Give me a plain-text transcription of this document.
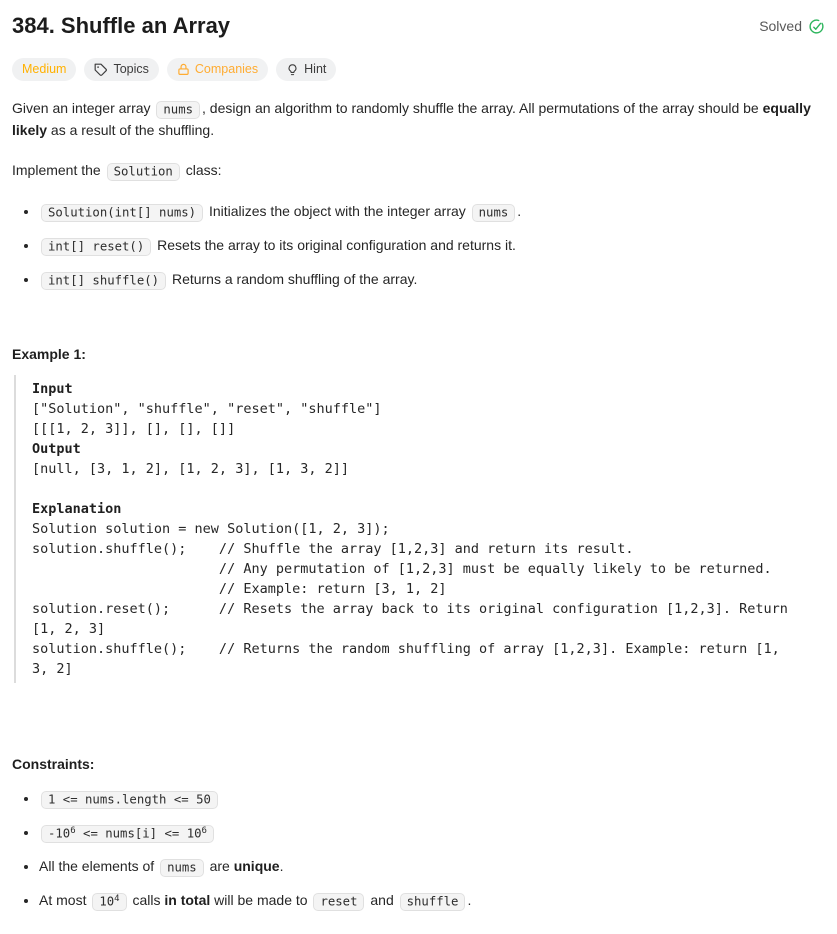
384. Shuffle an Array	Solved
Medium	Topics	Companies	Hint

Given an integer array nums , design an algorithm to randomly shuffle the array. All permutations of the array should be equally likely as a result of the shuffling.

Implement the Solution class:

• Solution(int[] nums) Initializes the object with the integer array nums .
• int[] reset() Resets the array to its original configuration and returns it.
• int[] shuffle() Returns a random shuffling of the array.

Example 1:

Input
["Solution", "shuffle", "reset", "shuffle"]
[[[1, 2, 3]], [], [], []]
Output
[null, [3, 1, 2], [1, 2, 3], [1, 3, 2]]

Explanation
Solution solution = new Solution([1, 2, 3]);
solution.shuffle();    // Shuffle the array [1,2,3] and return its result.
// Any permutation of [1,2,3] must be equally likely to be returned.
// Example: return [3, 1, 2]
solution.reset();      // Resets the array back to its original configuration [1,2,3]. Return
[1, 2, 3]
solution.shuffle();    // Returns the random shuffling of array [1,2,3]. Example: return [1,
3, 2]

Constraints:

• 1 <= nums.length <= 50
• $-10^6$ <= nums[i] <= $10^6$
• All the elements of nums are unique.
• At most $10^4$ calls in total will be made to reset and shuffle .
